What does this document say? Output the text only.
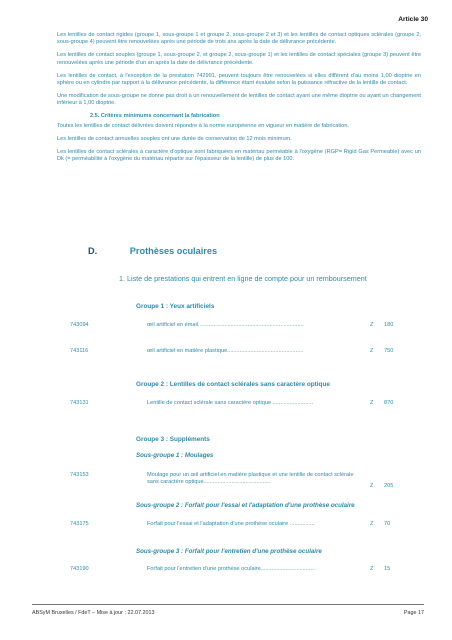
Article 30

Les lentilles de contact rigides (groupe 1, sous-groupe 1 et groupe 2, sous-groupe 2 et 3) et les lentilles de contact optiques sclérales (groupe 2, sous-groupe 4) peuvent être renouvelées après une période de trois ans après la date de délivrance précédente.

Les lentilles de contact souples (groupe 1, sous-groupe 2, et groupe 2, sous-groupe 1) et les lentilles de contact spéciales (groupe 3) peuvent être renouvelées après une période d'un an après la date de délivrance précédente.

Les lentilles de contact, à l'exception de la prestation 742991, peuvent toujours être renouvelées si elles diffèrent d'au moins 1,00 dioptrie en sphère ou en cylindre par rapport à la délivrance précédente, la différence étant évaluée selon la puissance réfractive de la lentille de contact.

Une modification de sous-groupe ne donne pas droit à un renouvellement de lentilles de contact ayant une même dioptrie ou ayant un changement inférieur à 1,00 dioptrie.

2.5. Critères minimums concernant la fabrication

Toutes les lentilles de contact délivrées doivent répondre à la norme européenne en vigueur en matière de fabrication.

Les lentilles de contact annuelles souples ont une durée de conservation de 12 mois minimum.

Les lentilles de contact sclérales à caractère d'optique sont fabriquées en matériau perméable à l'oxygène (RGP= Rigid Gas Permeable) avec un Dk (= perméabilité à l'oxygène du matériau répartie sur l'épaisseur de la lentille) de plus de 100.

D.	Prothèses oculaires
1. Liste de prestations qui entrent en ligne de compte pour un remboursement
Groupe 1 : Yeux artificiels
743094	œil artificiel en émail....................................................................	Z 180
743116	œil artificiel en matière plastique.................................................	Z 750
Groupe 2 : Lentilles de contact sclérales sans caractère optique
743131	Lentille de contact sclérale sans caractère optique ..........................	Z 870
Groupe 3 : Suppléments
Sous-groupe 1 : Moulages
743153	Moulage pour un œil artificiel en matière plastique et une lentille de contact sclérale sans caractère optique...........................................
Z 205
Sous-groupe 2 : Forfait pour l'essai et l'adaptation d'une prothèse oculaire
743175	Forfait pour l'essai et l'adaptation d'une prothèse oculaire ................	Z 70
Sous-groupe 3 : Forfait pour l'entretien d'une prothèse oculaire
743190	Forfait pour l'entretien d'une prothèse oculaire...................................	Z 15
ABSyM Bruxelles / FdeT – Mise à jour : 22.07.2013	Page 17
